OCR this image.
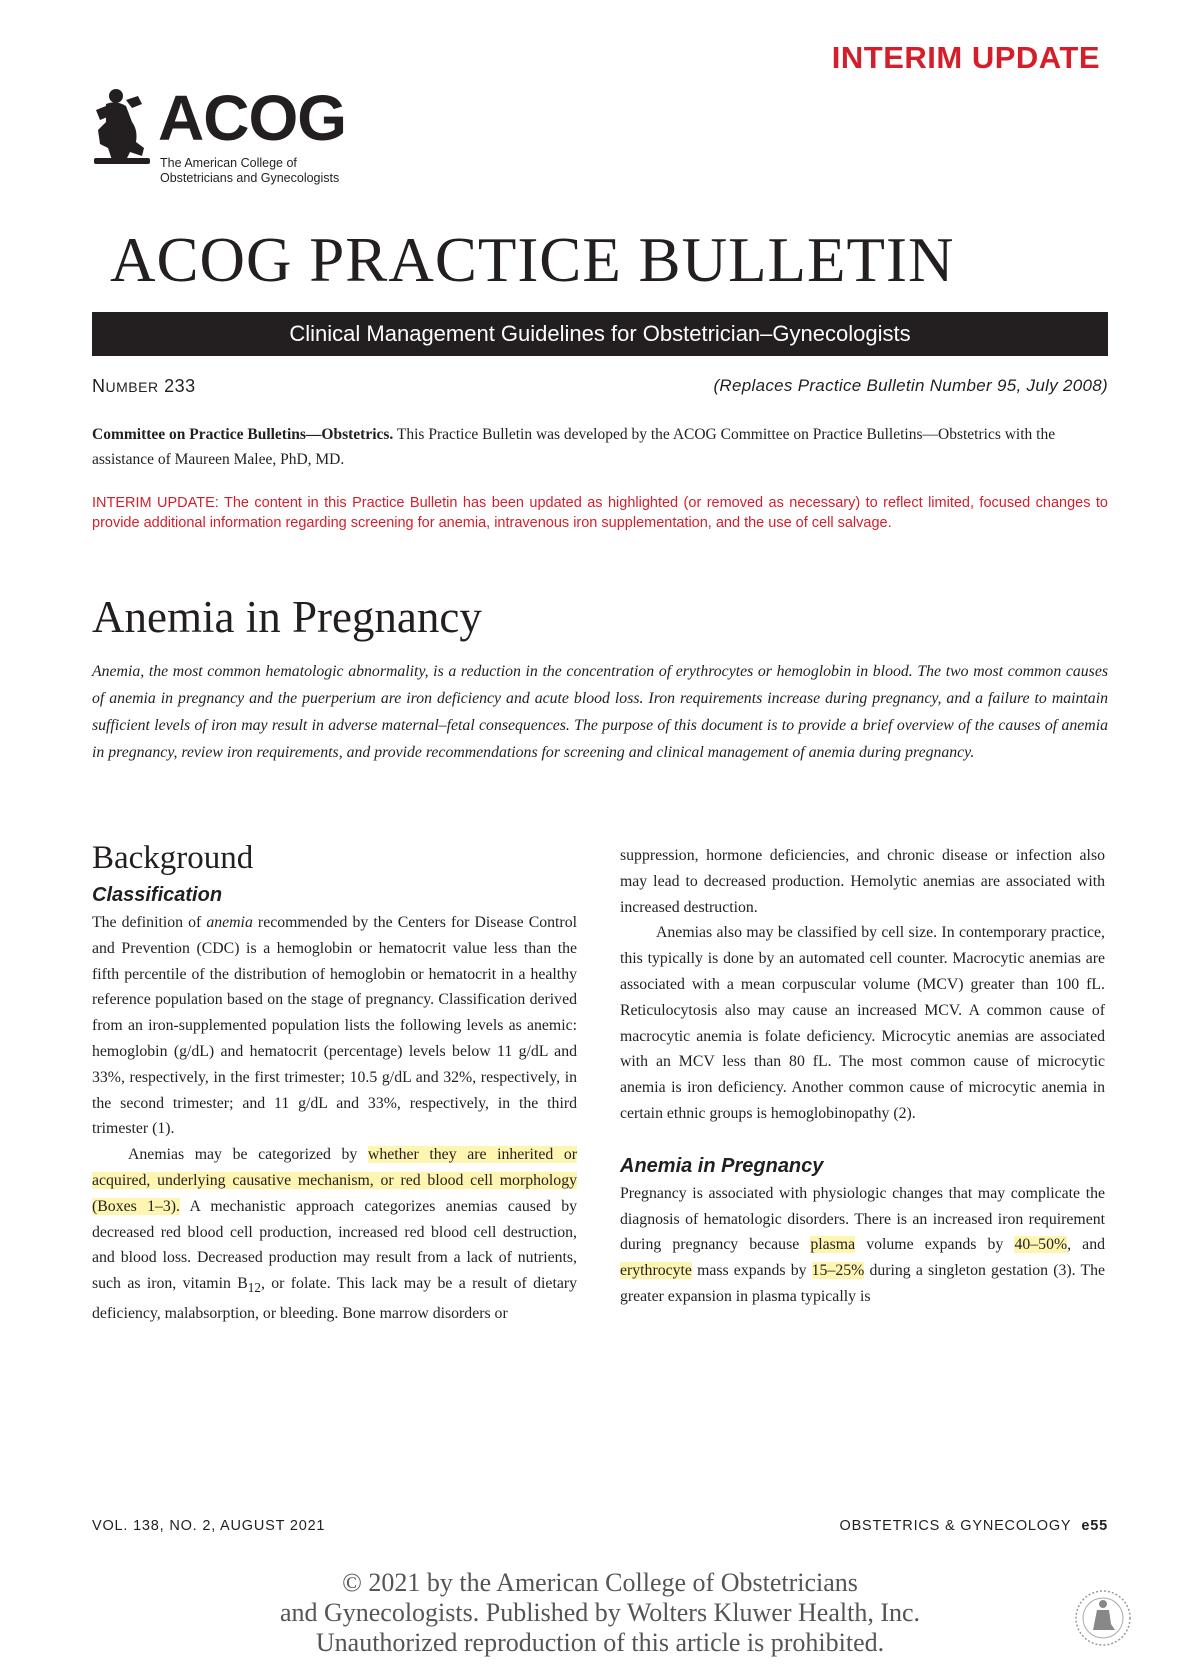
INTERIM UPDATE
ACOG
The American College of
Obstetricians and Gynecologists
ACOG PRACTICE BULLETIN
Clinical Management Guidelines for Obstetrician–Gynecologists
NUMBER 233	(Replaces Practice Bulletin Number 95, July 2008)
Committee on Practice Bulletins—Obstetrics. This Practice Bulletin was developed by the ACOG Committee on Practice Bulletins—Obstetrics with the assistance of Maureen Malee, PhD, MD.
INTERIM UPDATE: The content in this Practice Bulletin has been updated as highlighted (or removed as necessary) to reflect limited, focused changes to provide additional information regarding screening for anemia, intravenous iron supplementation, and the use of cell salvage.
Anemia in Pregnancy
Anemia, the most common hematologic abnormality, is a reduction in the concentration of erythrocytes or hemoglobin in blood. The two most common causes of anemia in pregnancy and the puerperium are iron deficiency and acute blood loss. Iron requirements increase during pregnancy, and a failure to maintain sufficient levels of iron may result in adverse maternal–fetal consequences. The purpose of this document is to provide a brief overview of the causes of anemia in pregnancy, review iron requirements, and provide recommendations for screening and clinical management of anemia during pregnancy.
Background
Classification

The definition of anemia recommended by the Centers for Disease Control and Prevention (CDC) is a hemoglobin or hematocrit value less than the fifth percentile of the distribution of hemoglobin or hematocrit in a healthy reference population based on the stage of pregnancy. Classification derived from an iron-supplemented population lists the following levels as anemic: hemoglobin (g/dL) and hematocrit (percentage) levels below 11 g/dL and 33%, respectively, in the first trimester; 10.5 g/dL and 32%, respectively, in the second trimester; and 11 g/dL and 33%, respectively, in the third trimester (1).

Anemias may be categorized by whether they are inherited or acquired, underlying causative mechanism, or red blood cell morphology (Boxes 1–3). A mechanistic approach categorizes anemias caused by decreased red blood cell production, increased red blood cell destruction, and blood loss. Decreased production may result from a lack of nutrients, such as iron, vitamin $B_{12}$, or folate. This lack may be a result of dietary deficiency, malabsorption, or bleeding. Bone marrow disorders or

suppression, hormone deficiencies, and chronic disease or infection also may lead to decreased production. Hemolytic anemias are associated with increased destruction.

Anemias also may be classified by cell size. In contemporary practice, this typically is done by an automated cell counter. Macrocytic anemias are associated with a mean corpuscular volume (MCV) greater than 100 fL. Reticulocytosis also may cause an increased MCV. A common cause of macrocytic anemia is folate deficiency. Microcytic anemias are associated with an MCV less than 80 fL. The most common cause of microcytic anemia is iron deficiency. Another common cause of microcytic anemia in certain ethnic groups is hemoglobinopathy (2).

Anemia in Pregnancy

Pregnancy is associated with physiologic changes that may complicate the diagnosis of hematologic disorders. There is an increased iron requirement during pregnancy because plasma volume expands by 40–50%, and erythrocyte mass expands by 15–25% during a singleton gestation (3). The greater expansion in plasma typically is

VOL. 138, NO. 2, AUGUST 2021	OBSTETRICS & GYNECOLOGY e55
© 2021 by the American College of Obstetricians
and Gynecologists. Published by Wolters Kluwer Health, Inc.
Unauthorized reproduction of this article is prohibited.
